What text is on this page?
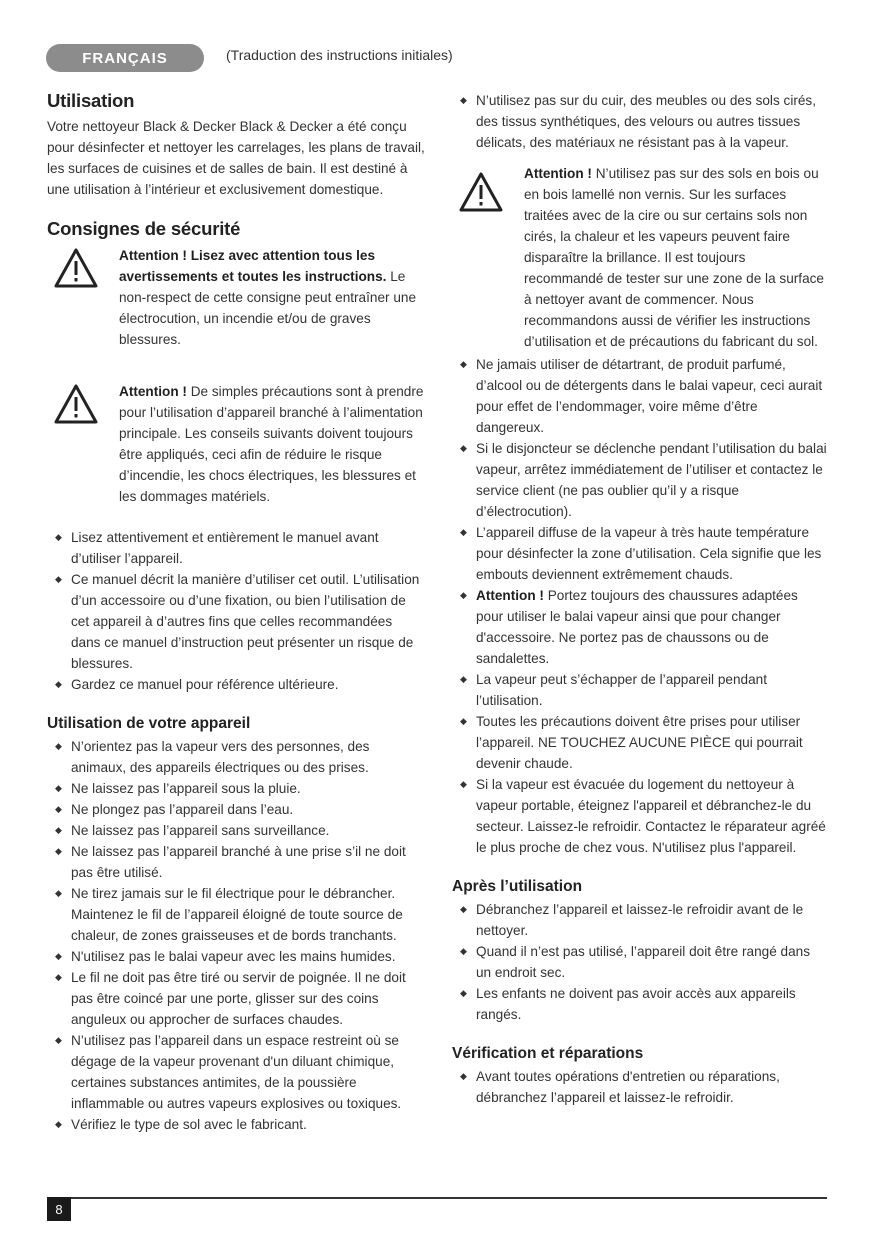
FRANÇAIS	(Traduction des instructions initiales)
Utilisation

Votre nettoyeur Black & Decker Black & Decker a été conçu pour désinfecter et nettoyer les carrelages, les plans de travail, les surfaces de cuisines et de salles de bain. Il est destiné à une utilisation à l’intérieur et exclusivement domestique.

Consignes de sécurité

Attention ! Lisez avec attention tous les avertissements et toutes les instructions. Le non-respect de cette consigne peut entraîner une électrocution, un incendie et/ou de graves blessures.

Attention ! De simples précautions sont à prendre pour l’utilisation d’appareil branché à l’alimentation principale. Les conseils suivants doivent toujours être appliqués, ceci afin de réduire le risque d’incendie, les chocs électriques, les blessures et les dommages matériels.

◆ Lisez attentivement et entièrement le manuel avant d’utiliser l’appareil.
◆ Ce manuel décrit la manière d’utiliser cet outil. L’utilisation d’un accessoire ou d’une fixation, ou bien l’utilisation de cet appareil à d’autres fins que celles recommandées dans ce manuel d’instruction peut présenter un risque de blessures.
◆ Gardez ce manuel pour référence ultérieure.
Utilisation de votre appareil
◆ N’orientez pas la vapeur vers des personnes, des animaux, des appareils électriques ou des prises.
◆ Ne laissez pas l’appareil sous la pluie.
◆ Ne plongez pas l’appareil dans l’eau.
◆ Ne laissez pas l’appareil sans surveillance.
◆ Ne laissez pas l’appareil branché à une prise s’il ne doit pas être utilisé.
◆ Ne tirez jamais sur le fil électrique pour le débrancher. Maintenez le fil de l’appareil éloigné de toute source de chaleur, de zones graisseuses et de bords tranchants.
◆ N'utilisez pas le balai vapeur avec les mains humides.
◆ Le fil ne doit pas être tiré ou servir de poignée. Il ne doit pas être coincé par une porte, glisser sur des coins anguleux ou approcher de surfaces chaudes.
◆ N’utilisez pas l’appareil dans un espace restreint où se dégage de la vapeur provenant d'un diluant chimique, certaines substances antimites, de la poussière inflammable ou autres vapeurs explosives ou toxiques.
◆ Vérifiez le type de sol avec le fabricant.
◆ N’utilisez pas sur du cuir, des meubles ou des sols cirés, des tissus synthétiques, des velours ou autres tissues délicats, des matériaux ne résistant pas à la vapeur.

Attention ! N’utilisez pas sur des sols en bois ou en bois lamellé non vernis. Sur les surfaces traitées avec de la cire ou sur certains sols non cirés, la chaleur et les vapeurs peuvent faire disparaître la brillance. Il est toujours recommandé de tester sur une zone de la surface à nettoyer avant de commencer. Nous recommandons aussi de vérifier les instructions d’utilisation et de précautions du fabricant du sol.

◆ Ne jamais utiliser de détartrant, de produit parfumé, d’alcool ou de détergents dans le balai vapeur, ceci aurait pour effet de l’endommager, voire même d’être dangereux.
◆ Si le disjoncteur se déclenche pendant l’utilisation du balai vapeur, arrêtez immédiatement de l’utiliser et contactez le service client (ne pas oublier qu’il y a risque d’électrocution).
◆ L’appareil diffuse de la vapeur à très haute température pour désinfecter la zone d’utilisation. Cela signifie que les embouts deviennent extrêmement chauds.
◆ Attention ! Portez toujours des chaussures adaptées pour utiliser le balai vapeur ainsi que pour changer d'accessoire. Ne portez pas de chaussons ou de sandalettes.
◆ La vapeur peut s’échapper de l’appareil pendant l’utilisation.
◆ Toutes les précautions doivent être prises pour utiliser l’appareil. NE TOUCHEZ AUCUNE PIÈCE qui pourrait devenir chaude.
◆ Si la vapeur est évacuée du logement du nettoyeur à vapeur portable, éteignez l'appareil et débranchez-le du secteur. Laissez-le refroidir. Contactez le réparateur agréé le plus proche de chez vous. N'utilisez plus l'appareil.
Après l’utilisation
◆ Débranchez l’appareil et laissez-le refroidir avant de le nettoyer.
◆ Quand il n’est pas utilisé, l’appareil doit être rangé dans un endroit sec.
◆ Les enfants ne doivent pas avoir accès aux appareils rangés.
Vérification et réparations
◆ Avant toutes opérations d'entretien ou réparations, débranchez l’appareil et laissez-le refroidir.
8
